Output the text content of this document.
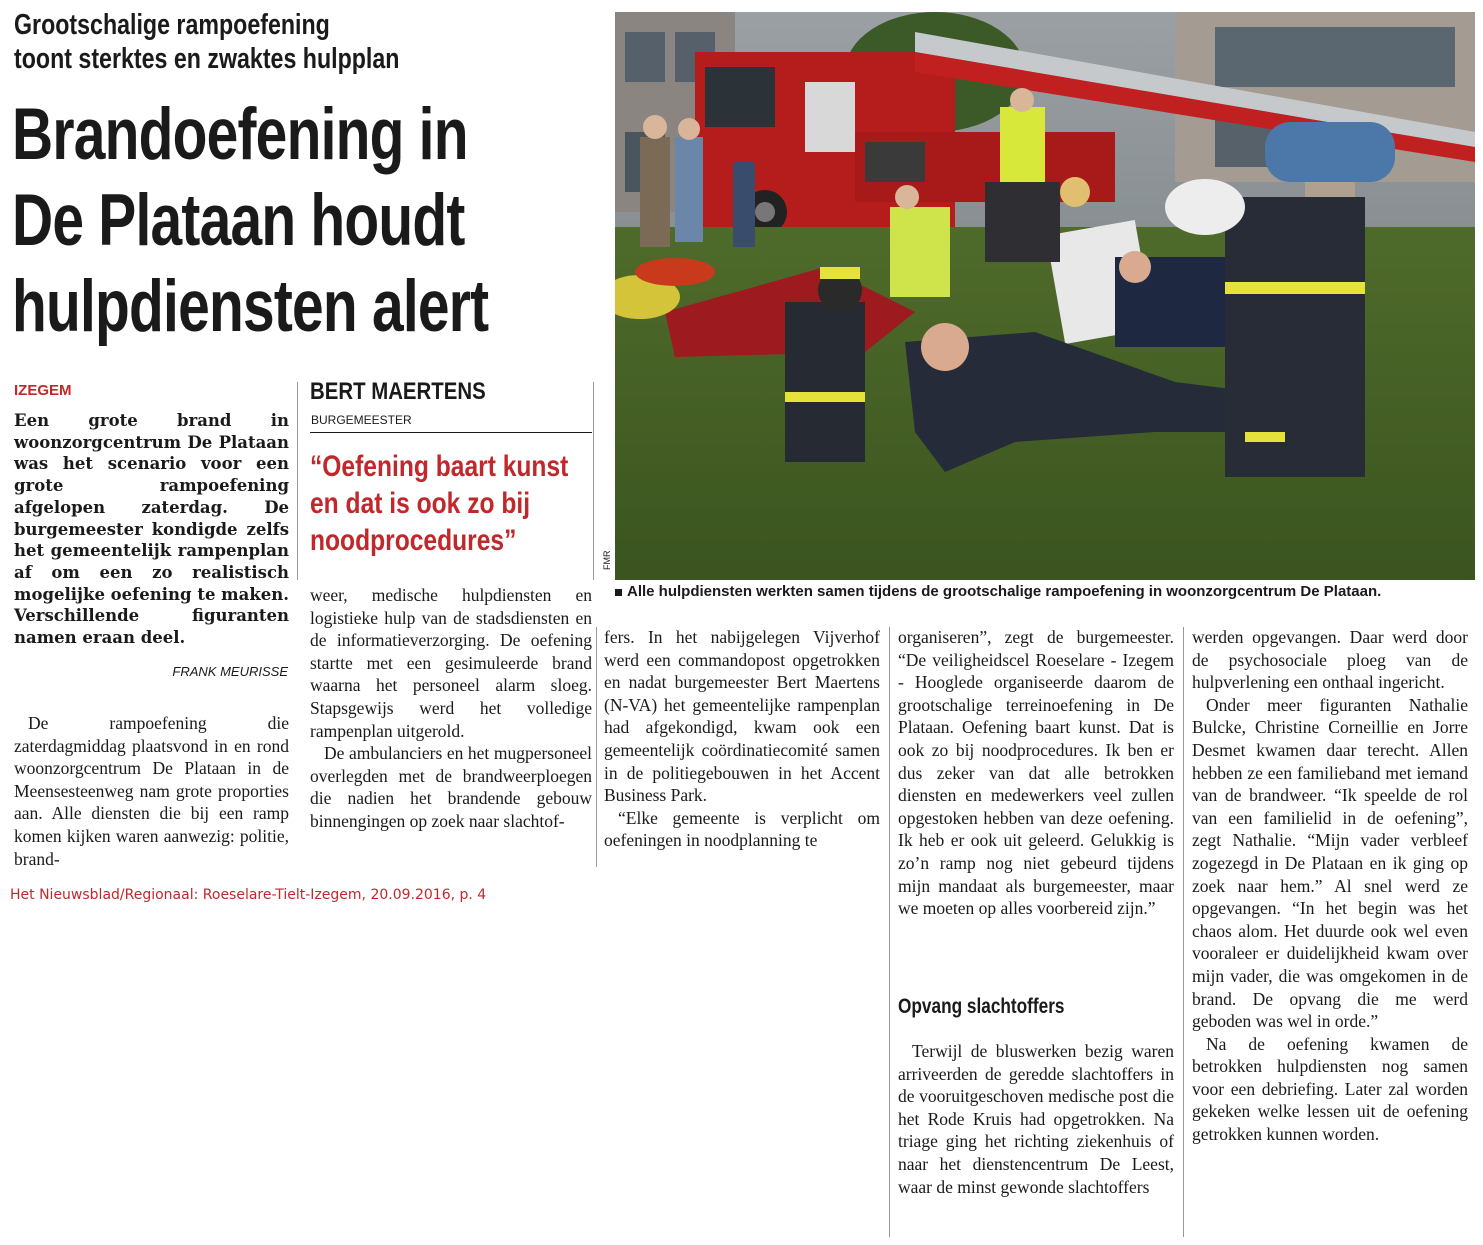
Grootschalige rampoefening
toont sterktes en zwaktes hulpplan
Brandoefening in
De Plataan houdt
hulpdiensten alert
IZEGEM
Een grote brand in woonzorgcentrum De Plataan was het scenario voor een grote rampoefening afgelopen zaterdag. De burgemeester kondigde zelfs het gemeentelijk rampenplan af om een zo realistisch mogelijke oefening te maken. Verschillende figuranten namen eraan deel.
FRANK MEURISSE

De rampoefening die zaterdagmiddag plaatsvond in en rond woonzorgcentrum De Plataan in de Meensesteenweg nam grote proporties aan. Alle diensten die bij een ramp komen kijken waren aanwezig: politie, brand-

BERT MAERTENS
BURGEMEESTER
“Oefening baart kunst
en dat is ook zo bij
noodprocedures”

weer, medische hulpdiensten en logistieke hulp van de stadsdiensten en de informatieverzorging. De oefening startte met een gesimuleerde brand waarna het personeel alarm sloeg. Stapsgewijs werd het volledige rampenplan uitgerold.

De ambulanciers en het mugpersoneel overlegden met de brandweerploegen die nadien het brandende gebouw binnengingen op zoek naar slachtof-

FMR
Alle hulpdiensten werkten samen tijdens de grootschalige rampoefening in woonzorgcentrum De Plataan.

fers. In het nabijgelegen Vijverhof werd een commandopost opgetrokken en nadat burgemeester Bert Maertens (N-VA) het gemeentelijke rampenplan had afgekondigd, kwam ook een gemeentelijk coördinatiecomité samen in de politiegebouwen in het Accent Business Park.

“Elke gemeente is verplicht om oefeningen in noodplanning te

organiseren”, zegt de burgemeester. “De veiligheidscel Roeselare - Izegem - Hooglede organiseerde daarom de grootschalige terreinoefening in De Plataan. Oefening baart kunst. Dat is ook zo bij noodprocedures. Ik ben er dus zeker van dat alle betrokken diensten en medewerkers veel zullen opgestoken hebben van deze oefening. Ik heb er ook uit geleerd. Gelukkig is zo’n ramp nog niet gebeurd tijdens mijn mandaat als burgemeester, maar we moeten op alles voorbereid zijn.”

Opvang slachtoffers

Terwijl de bluswerken bezig waren arriveerden de geredde slachtoffers in de vooruitgeschoven medische post die het Rode Kruis had opgetrokken. Na triage ging het richting ziekenhuis of naar het dienstencentrum De Leest, waar de minst gewonde slachtoffers

werden opgevangen. Daar werd door de psychosociale ploeg van de hulpverlening een onthaal ingericht.

Onder meer figuranten Nathalie Bulcke, Christine Corneillie en Jorre Desmet kwamen daar terecht. Allen hebben ze een familieband met iemand van de brandweer. “Ik speelde de rol van een familielid in de oefening”, zegt Nathalie. “Mijn vader verbleef zogezegd in De Plataan en ik ging op zoek naar hem.” Al snel werd ze opgevangen. “In het begin was het chaos alom. Het duurde ook wel even vooraleer er duidelijkheid kwam over mijn vader, die was omgekomen in de brand. De opvang die me werd geboden was wel in orde.”

Na de oefening kwamen de betrokken hulpdiensten nog samen voor een debriefing. Later zal worden gekeken welke lessen uit de oefening getrokken kunnen worden.

Het Nieuwsblad/Regionaal: Roeselare-Tielt-Izegem, 20.09.2016, p. 4
